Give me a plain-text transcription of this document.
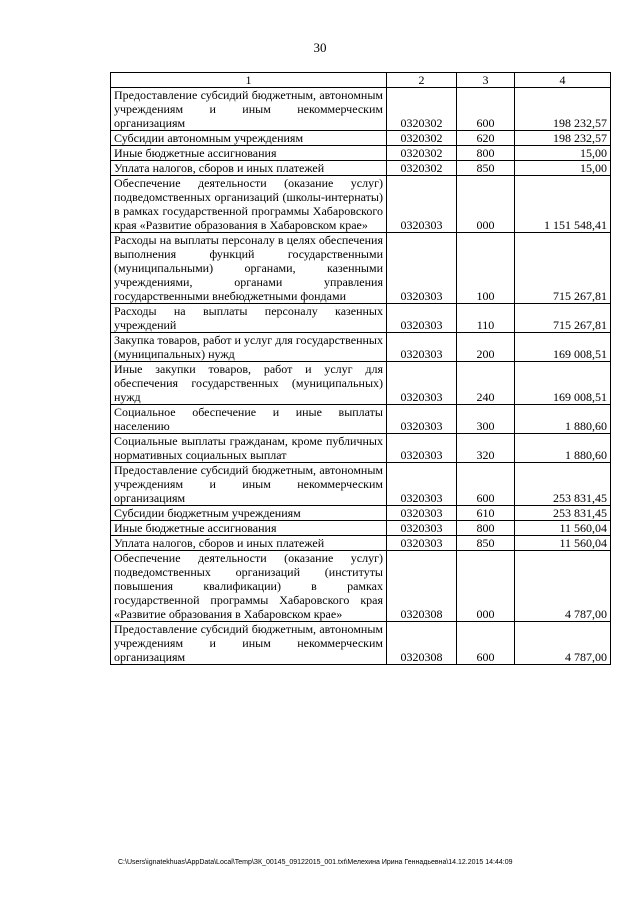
30
1	2	3	4
Предоставление субсидий бюджетным, автономным учреждениям и иным некоммерческим организациям	0320302	600	198 232,57
Субсидии автономным учреждениям	0320302	620	198 232,57
Иные бюджетные ассигнования	0320302	800	15,00
Уплата налогов, сборов и иных платежей	0320302	850	15,00
Обеспечение деятельности (оказание услуг) подведомственных организаций (школы-интернаты) в рамках государственной программы Хабаровского края «Развитие образования в Хабаровском крае»	0320303	000	1 151 548,41
Расходы на выплаты персоналу в целях обеспечения выполнения функций государственными (муниципальными) органами, казенными учреждениями, органами управления государственными внебюджетными фондами	0320303	100	715 267,81
Расходы на выплаты персоналу казенных учреждений	0320303	110	715 267,81
Закупка товаров, работ и услуг для государственных (муниципальных) нужд	0320303	200	169 008,51
Иные закупки товаров, работ и услуг для обеспечения государственных (муниципальных) нужд	0320303	240	169 008,51
Социальное обеспечение и иные выплаты населению	0320303	300	1 880,60
Социальные выплаты гражданам, кроме публичных нормативных социальных выплат	0320303	320	1 880,60
Предоставление субсидий бюджетным, автономным учреждениям и иным некоммерческим организациям	0320303	600	253 831,45
Субсидии бюджетным учреждениям	0320303	610	253 831,45
Иные бюджетные ассигнования	0320303	800	11 560,04
Уплата налогов, сборов и иных платежей	0320303	850	11 560,04
Обеспечение деятельности (оказание услуг) подведомственных организаций (институты повышения квалификации) в рамках государственной программы Хабаровского края «Развитие образования в Хабаровском крае»	0320308	000	4 787,00
Предоставление субсидий бюджетным, автономным учреждениям и иным некоммерческим организациям	0320308	600	4 787,00
C:\Users\ignatekhuas\AppData\Local\Temp\ЗК_00145_09122015_001.txt\Мелехина Ирина Геннадьевна\14.12.2015 14:44:09
